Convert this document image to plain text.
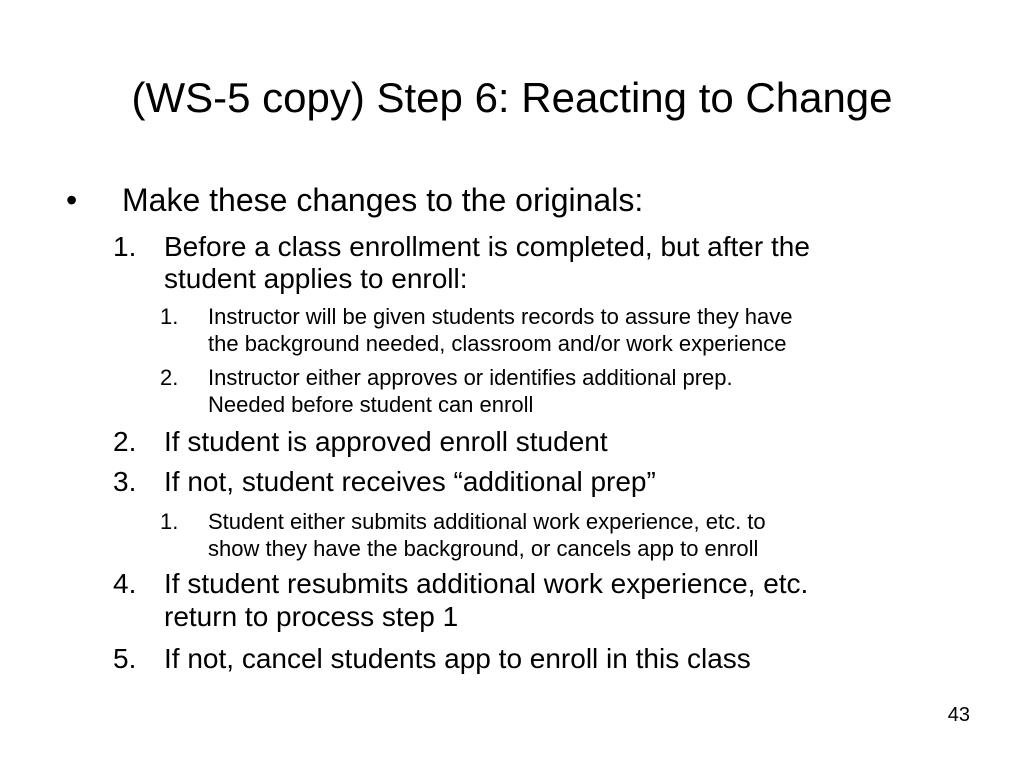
(WS-5 copy) Step 6: Reacting to Change
• Make these changes to the originals:
1. Before a class enrollment is completed, but after the
student applies to enroll:
1. Instructor will be given students records to assure they have
the background needed, classroom and/or work experience
2. Instructor either approves or identifies additional prep.
Needed before student can enroll
2. If student is approved enroll student
3. If not, student receives “additional prep”
1. Student either submits additional work experience, etc. to
show they have the background, or cancels app to enroll
4. If student resubmits additional work experience, etc.
return to process step 1
5. If not, cancel students app to enroll in this class
43
